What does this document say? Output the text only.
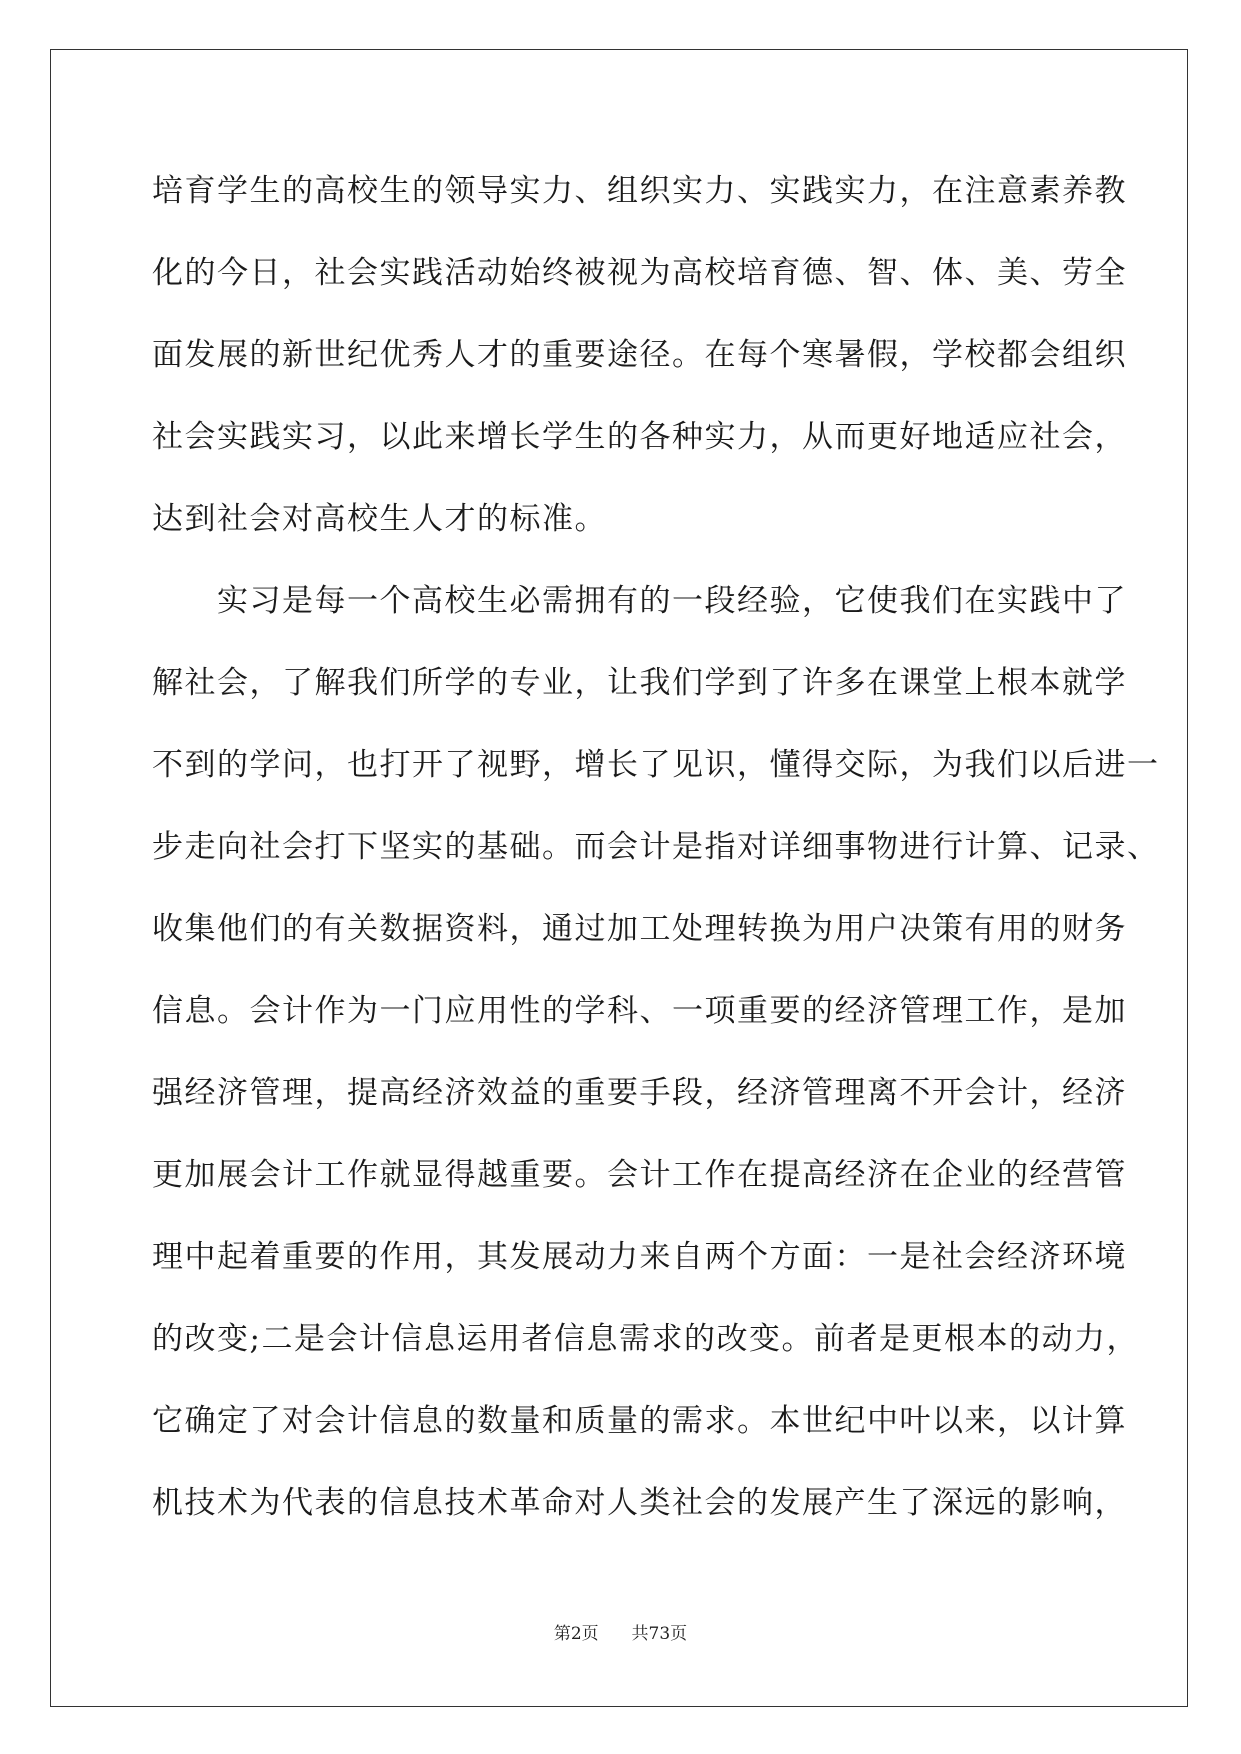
培育学生的高校生的领导实力、组织实力、实践实力，在注意素养教
化的今日，社会实践活动始终被视为高校培育德、智、体、美、劳全
面发展的新世纪优秀人才的重要途径。在每个寒暑假，学校都会组织
社会实践实习，以此来增长学生的各种实力，从而更好地适应社会，
达到社会对高校生人才的标准。
　　实习是每一个高校生必需拥有的一段经验，它使我们在实践中了
解社会，了解我们所学的专业，让我们学到了许多在课堂上根本就学
不到的学问，也打开了视野，增长了见识，懂得交际，为我们以后进一
步走向社会打下坚实的基础。而会计是指对详细事物进行计算、记录、
收集他们的有关数据资料，通过加工处理转换为用户决策有用的财务
信息。会计作为一门应用性的学科、一项重要的经济管理工作，是加
强经济管理，提高经济效益的重要手段，经济管理离不开会计，经济
更加展会计工作就显得越重要。会计工作在提高经济在企业的经营管
理中起着重要的作用，其发展动力来自两个方面：一是社会经济环境
的改变;二是会计信息运用者信息需求的改变。前者是更根本的动力，
它确定了对会计信息的数量和质量的需求。本世纪中叶以来，以计算
机技术为代表的信息技术革命对人类社会的发展产生了深远的影响，
第2页 共73页
